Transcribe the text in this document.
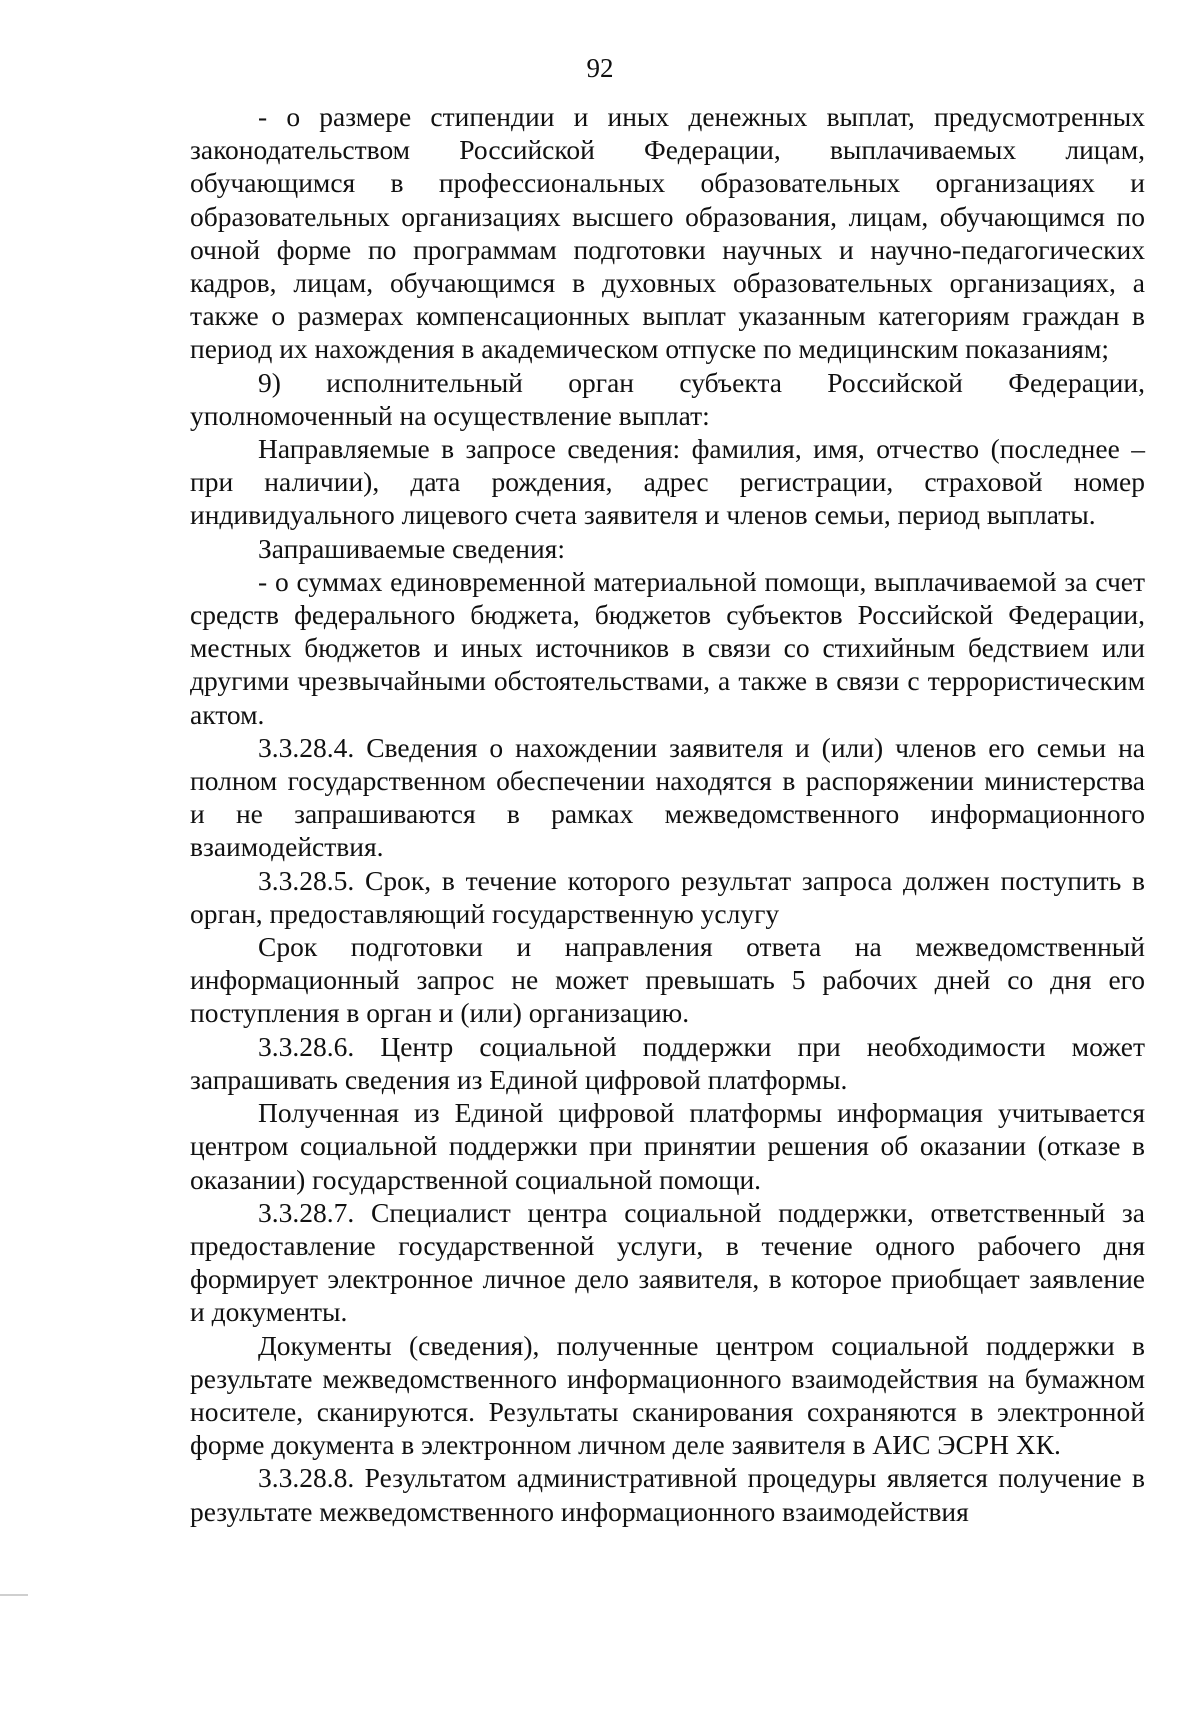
92

- о размере стипендии и иных денежных выплат, предусмотренных законодательством Российской Федерации, выплачиваемых лицам, обучающимся в профессиональных образовательных организациях и образовательных организациях высшего образования, лицам, обучающимся по очной форме по программам подготовки научных и научно-педагогических кадров, лицам, обучающимся в духовных образовательных организациях, а также о размерах компенсационных выплат указанным категориям граждан в период их нахождения в академическом отпуске по медицинским показаниям;

9) исполнительный орган субъекта Российской Федерации, уполномоченный на осуществление выплат:

Направляемые в запросе сведения: фамилия, имя, отчество (последнее – при наличии), дата рождения, адрес регистрации, страховой номер индивидуального лицевого счета заявителя и членов семьи, период выплаты.

Запрашиваемые сведения:

- о суммах единовременной материальной помощи, выплачиваемой за счет средств федерального бюджета, бюджетов субъектов Российской Федерации, местных бюджетов и иных источников в связи со стихийным бедствием или другими чрезвычайными обстоятельствами, а также в связи с террористическим актом.

3.3.28.4. Сведения о нахождении заявителя и (или) членов его семьи на полном государственном обеспечении находятся в распоряжении министерства и не запрашиваются в рамках межведомственного информационного взаимодействия.

3.3.28.5. Срок, в течение которого результат запроса должен поступить в орган, предоставляющий государственную услугу

Срок подготовки и направления ответа на межведомственный информационный запрос не может превышать 5 рабочих дней со дня его поступления в орган и (или) организацию.

3.3.28.6. Центр социальной поддержки при необходимости может запрашивать сведения из Единой цифровой платформы.

Полученная из Единой цифровой платформы информация учитывается центром социальной поддержки при принятии решения об оказании (отказе в оказании) государственной социальной помощи.

3.3.28.7. Специалист центра социальной поддержки, ответственный за предоставление государственной услуги, в течение одного рабочего дня формирует электронное личное дело заявителя, в которое приобщает заявление и документы.

Документы (сведения), полученные центром социальной поддержки в результате межведомственного информационного взаимодействия на бумажном носителе, сканируются. Результаты сканирования сохраняются в электронной форме документа в электронном личном деле заявителя в АИС ЭСРН ХК.

3.3.28.8. Результатом административной процедуры является получение в результате межведомственного информационного взаимодействия
